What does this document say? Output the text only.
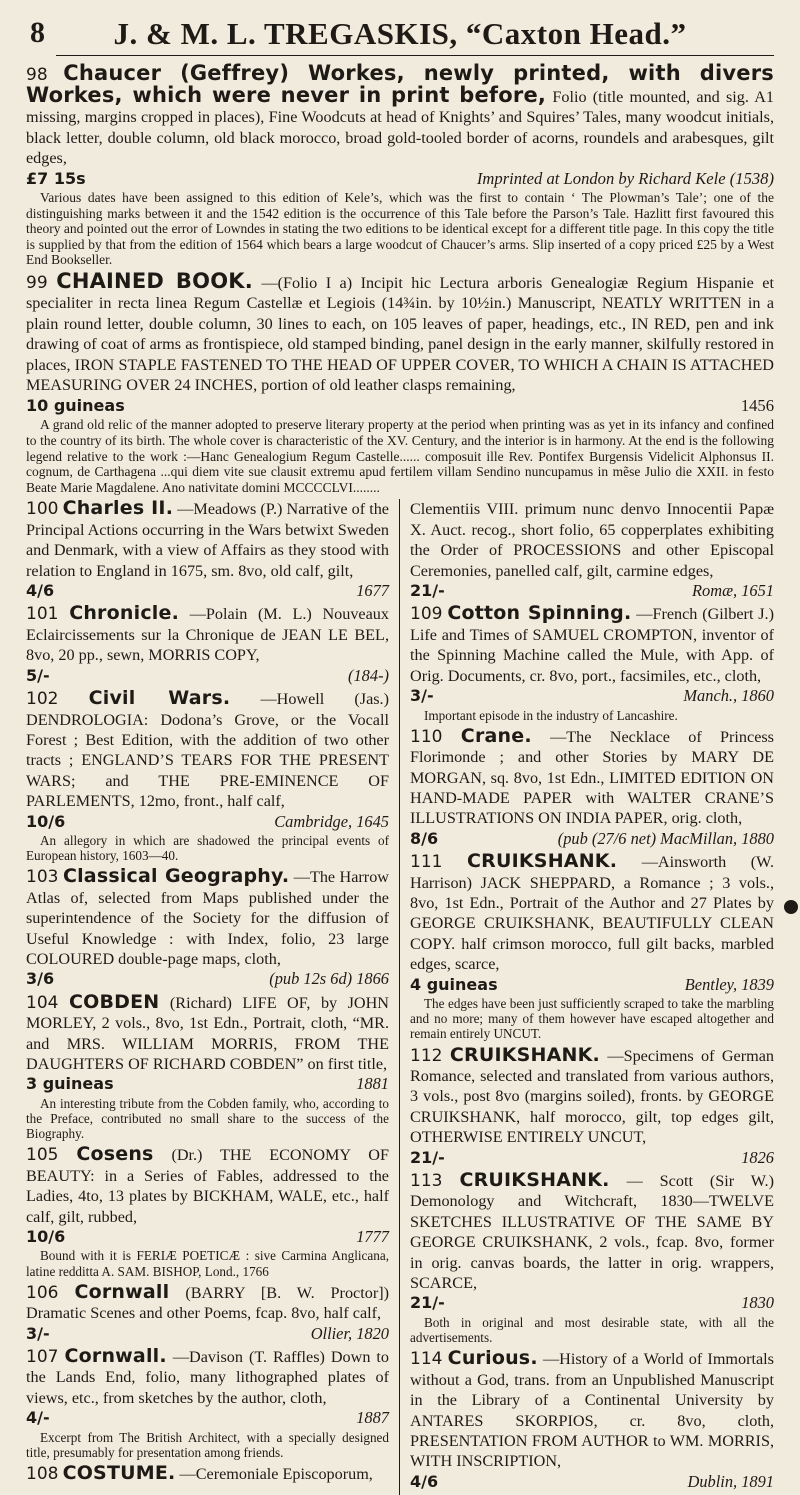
8 J. & M. L. TREGASKIS, “Caxton Head.”
98 Chaucer (Geffrey) Workes, newly printed, with divers Workes, which were never in print before, Folio (title mounted, and sig. A1 missing, margins cropped in places), Fine Woodcuts at head of Knights’ and Squires’ Tales, many woodcut initials, black letter, double column, old black morocco, broad gold-tooled border of acorns, roundels and arabesques, gilt edges,
£7 15s	Imprinted at London by Richard Kele (1538)
Various dates have been assigned to this edition of Kele’s, which was the first to contain ‘ The Plowman’s Tale’; one of the distinguishing marks between it and the 1542 edition is the occurrence of this Tale before the Parson’s Tale. Hazlitt first favoured this theory and pointed out the error of Lowndes in stating the two editions to be identical except for a different title page. In this copy the title is supplied by that from the edition of 1564 which bears a large woodcut of Chaucer’s arms. Slip inserted of a copy priced £25 by a West End Bookseller.
99 CHAINED BOOK. —(Folio I a) Incipit hic Lectura arboris Genealogiæ Regium Hispanie et specialiter in recta linea Regum Castellæ et Legiois (14¾in. by 10½in.) Manuscript, NEATLY WRITTEN in a plain round letter, double column, 30 lines to each, on 105 leaves of paper, headings, etc., IN RED, pen and ink drawing of coat of arms as frontispiece, old stamped binding, panel design in the early manner, skilfully restored in places, IRON STAPLE FASTENED TO THE HEAD OF UPPER COVER, TO WHICH A CHAIN IS ATTACHED MEASURING OVER 24 INCHES, portion of old leather clasps remaining,
10 guineas	1456
A grand old relic of the manner adopted to preserve literary property at the period when printing was as yet in its infancy and confined to the country of its birth. The whole cover is characteristic of the XV. Century, and the interior is in harmony. At the end is the following legend relative to the work :—Hanc Genealogium Regum Castelle...... composuit ille Rev. Pontifex Burgensis Videlicit Alphonsus II. cognum, de Carthagena ...qui diem vite sue clausit extremu apud fertilem villam Sendino nuncupamus in mẽse Julio die XXII. in festo Beate Marie Magdalene. Ano nativitate domini MCCCCLVI........
100 Charles II. —Meadows (P.) Narrative of the Principal Actions occurring in the Wars betwixt Sweden and Denmark, with a view of Affairs as they stood with relation to England in 1675, sm. 8vo, old calf, gilt,
4/6	1677
101 Chronicle. —Polain (M. L.) Nouveaux Eclaircissements sur la Chronique de JEAN LE BEL, 8vo, 20 pp., sewn, MORRIS COPY,
5/-	(184-)
102 Civil Wars. —Howell (Jas.) DENDROLOGIA: Dodona’s Grove, or the Vocall Forest ; Best Edition, with the addition of two other tracts ; ENGLAND’S TEARS FOR THE PRESENT WARS; and THE PRE-EMINENCE OF PARLEMENTS, 12mo, front., half calf,
10/6	Cambridge, 1645
An allegory in which are shadowed the principal events of European history, 1603—40.
103 Classical Geography. —The Harrow Atlas of, selected from Maps published under the superintendence of the Society for the diffusion of Useful Knowledge : with Index, folio, 23 large COLOURED double-page maps, cloth,
3/6	(pub 12s 6d) 1866
104 COBDEN (Richard) LIFE OF, by JOHN MORLEY, 2 vols., 8vo, 1st Edn., Portrait, cloth, “MR. and MRS. WILLIAM MORRIS, FROM THE DAUGHTERS OF RICHARD COBDEN” on first title,
3 guineas	1881
An interesting tribute from the Cobden family, who, according to the Preface, contributed no small share to the success of the Biography.
105 Cosens (Dr.) THE ECONOMY OF BEAUTY: in a Series of Fables, addressed to the Ladies, 4to, 13 plates by BICKHAM, WALE, etc., half calf, gilt, rubbed,
10/6	1777
Bound with it is FERIÆ POETICÆ : sive Carmina Anglicana, latine redditta A. SAM. BISHOP, Lond., 1766
106 Cornwall (BARRY [B. W. Proctor]) Dramatic Scenes and other Poems, fcap. 8vo, half calf,
3/-	Ollier, 1820
107 Cornwall. —Davison (T. Raffles) Down to the Lands End, folio, many lithographed plates of views, etc., from sketches by the author, cloth,
4/-	1887
Excerpt from The British Architect, with a specially designed title, presumably for presentation among friends.
108 COSTUME. —Ceremoniale Episcoporum,
Clementiis VIII. primum nunc denvo Innocentii Papæ X. Auct. recog., short folio, 65 copperplates exhibiting the Order of PROCESSIONS and other Episcopal Ceremonies, panelled calf, gilt, carmine edges,
21/-	Romæ, 1651
109 Cotton Spinning. —French (Gilbert J.) Life and Times of SAMUEL CROMPTON, inventor of the Spinning Machine called the Mule, with App. of Orig. Documents, cr. 8vo, port., facsimiles, etc., cloth,
3/-	Manch., 1860
Important episode in the industry of Lancashire.
110 Crane. —The Necklace of Princess Florimonde ; and other Stories by MARY DE MORGAN, sq. 8vo, 1st Edn., LIMITED EDITION ON HAND-MADE PAPER with WALTER CRANE’S ILLUSTRATIONS ON INDIA PAPER, orig. cloth,
8/6	(pub (27/6 net) MacMillan, 1880
111 CRUIKSHANK. —Ainsworth (W. Harrison) JACK SHEPPARD, a Romance ; 3 vols., 8vo, 1st Edn., Portrait of the Author and 27 Plates by GEORGE CRUIKSHANK, BEAUTIFULLY CLEAN COPY. half crimson morocco, full gilt backs, marbled edges, scarce,
4 guineas	Bentley, 1839
The edges have been just sufficiently scraped to take the marbling and no more; many of them however have escaped altogether and remain entirely UNCUT.
112 CRUIKSHANK. —Specimens of German Romance, selected and translated from various authors, 3 vols., post 8vo (margins soiled), fronts. by GEORGE CRUIKSHANK, half morocco, gilt, top edges gilt, OTHERWISE ENTIRELY UNCUT,
21/-	1826
113 CRUIKSHANK. — Scott (Sir W.) Demonology and Witchcraft, 1830—TWELVE SKETCHES ILLUSTRATIVE OF THE SAME BY GEORGE CRUIKSHANK, 2 vols., fcap. 8vo, former in orig. canvas boards, the latter in orig. wrappers, SCARCE,
21/-	1830
Both in original and most desirable state, with all the advertisements.
114 Curious. —History of a World of Immortals without a God, trans. from an Unpublished Manuscript in the Library of a Continental University by ANTARES SKORPIOS, cr. 8vo, cloth, PRESENTATION FROM AUTHOR to WM. MORRIS, WITH INSCRIPTION,
4/6	Dublin, 1891
